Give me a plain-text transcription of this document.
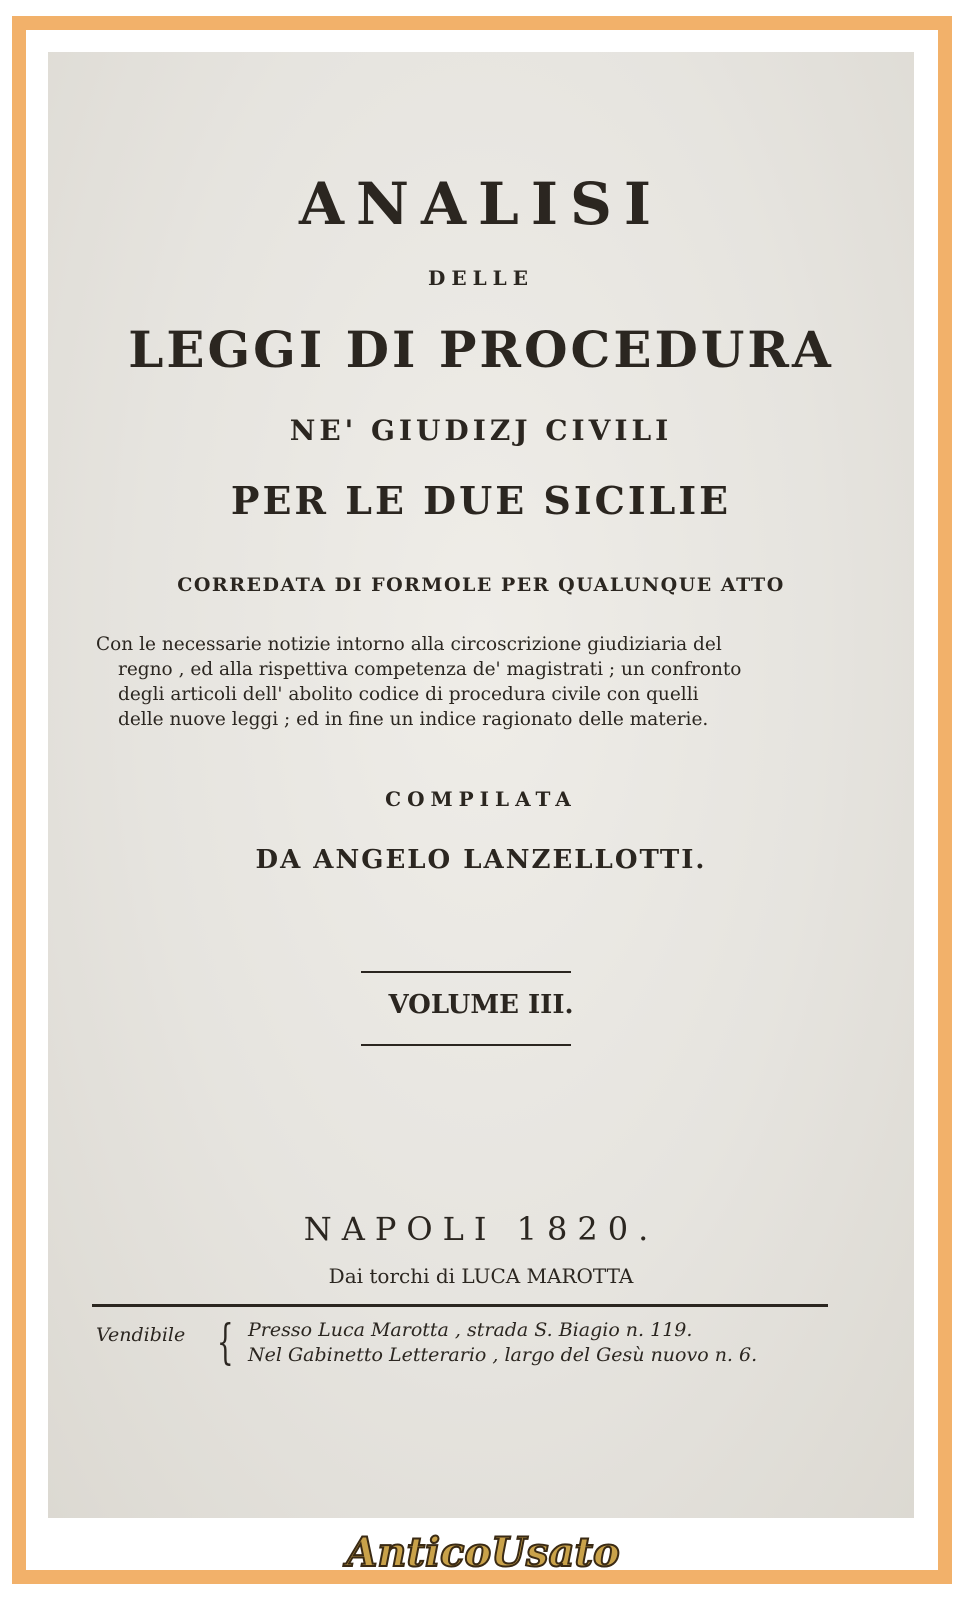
ANALISI
DELLE
LEGGI DI PROCEDURA
NE' GIUDIZJ CIVILI
PER LE DUE SICILIE
CORREDATA DI FORMOLE PER QUALUNQUE ATTO
Con le necessarie notizie intorno alla circoscrizione giudiziaria del
regno , ed alla rispettiva competenza de' magistrati ; un confronto
degli articoli dell' abolito codice di procedura civile con quelli
delle nuove leggi ; ed in fine un indice ragionato delle materie.
COMPILATA
DA ANGELO LANZELLOTTI.
VOLUME III.
NAPOLI 1820.
Dai torchi di LUCA MAROTTA
Vendibile { Presso Luca Marotta , strada S. Biagio n. 119.
Nel Gabinetto Letterario , largo del Gesù nuovo n. 6.
AnticoUsato
